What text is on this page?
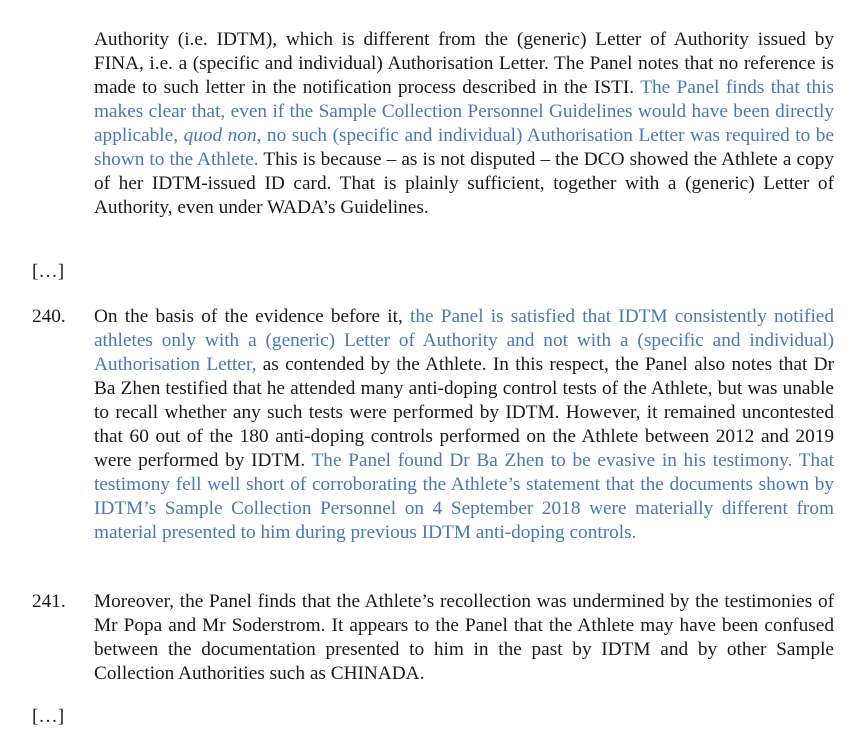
Authority (i.e. IDTM), which is different from the (generic) Letter of Authority issued by FINA, i.e. a (specific and individual) Authorisation Letter. The Panel notes that no reference is made to such letter in the notification process described in the ISTI. The Panel finds that this makes clear that, even if the Sample Collection Personnel Guidelines would have been directly applicable, quod non, no such (specific and individual) Authorisation Letter was required to be shown to the Athlete. This is because – as is not disputed – the DCO showed the Athlete a copy of her IDTM-issued ID card. That is plainly sufficient, together with a (generic) Letter of Authority, even under WADA’s Guidelines.

[…]
240. On the basis of the evidence before it, the Panel is satisfied that IDTM consistently notified athletes only with a (generic) Letter of Authority and not with a (specific and individual) Authorisation Letter, as contended by the Athlete. In this respect, the Panel also notes that Dr Ba Zhen testified that he attended many anti-doping control tests of the Athlete, but was unable to recall whether any such tests were performed by IDTM. However, it remained uncontested that 60 out of the 180 anti-doping controls performed on the Athlete between 2012 and 2019 were performed by IDTM. The Panel found Dr Ba Zhen to be evasive in his testimony. That testimony fell well short of corroborating the Athlete’s statement that the documents shown by IDTM’s Sample Collection Personnel on 4 September 2018 were materially different from material presented to him during previous IDTM anti-doping controls.

241. Moreover, the Panel finds that the Athlete’s recollection was undermined by the testimonies of Mr Popa and Mr Soderstrom. It appears to the Panel that the Athlete may have been confused between the documentation presented to him in the past by IDTM and by other Sample Collection Authorities such as CHINADA.

[…]
